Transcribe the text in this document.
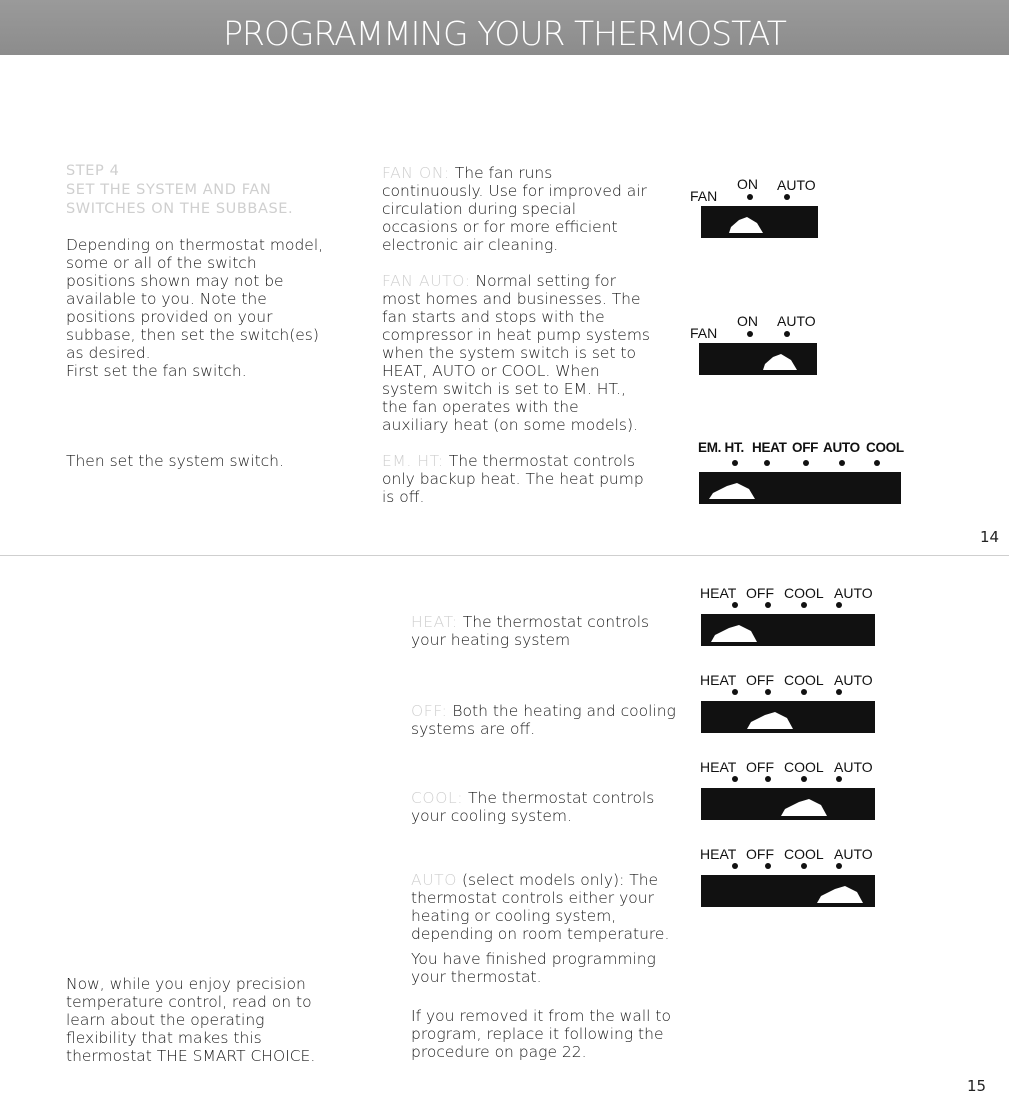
PROGRAMMING YOUR THERMOSTAT
STEP 4
SET THE SYSTEM AND FAN
SWITCHES ON THE SUBBASE.
Depending on thermostat model, some or all of the switch positions shown may not be available to you. Note the positions provided on your subbase, then set the switch(es) as desired.
First set the fan switch.
Then set the system switch.
FAN ON: The fan runs continuously. Use for improved air circulation during special occasions or for more efficient electronic air cleaning.
FAN AUTO: Normal setting for most homes and businesses. The fan starts and stops with the compressor in heat pump systems when the system switch is set to HEAT, AUTO or COOL. When system switch is set to EM. HT., the fan operates with the auxiliary heat (on some models).
EM. HT: The thermostat controls only backup heat. The heat pump is off.
FAN
ON AUTO
FAN
ON AUTO
EM. HT. HEAT OFF AUTO COOL
14
HEAT: The thermostat controls your heating system
OFF: Both the heating and cooling systems are off.
COOL: The thermostat controls your cooling system.
AUTO (select models only): The thermostat controls either your heating or cooling system, depending on room temperature.
You have finished programming your thermostat.
If you removed it from the wall to program, replace it following the procedure on page 22.
Now, while you enjoy precision temperature control, read on to learn about the operating flexibility that makes this thermostat THE SMART CHOICE.
HEAT OFF COOL AUTO
HEAT OFF COOL AUTO
HEAT OFF COOL AUTO
HEAT OFF COOL AUTO
15
